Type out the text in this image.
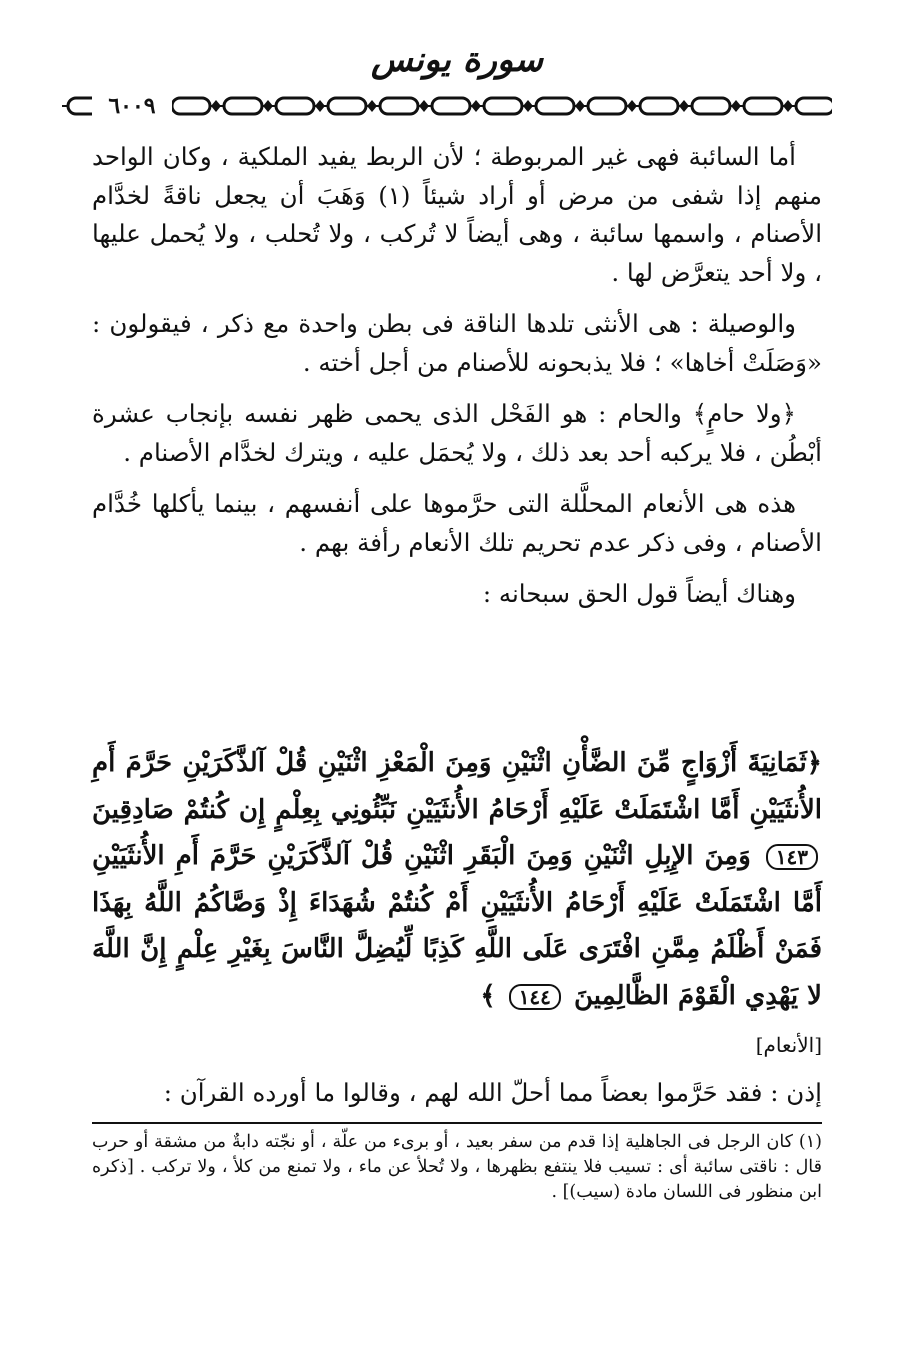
سورة يونس
٦٠٠٩

أما السائبة فهى غير المربوطة ؛ لأن الربط يفيد الملكية ، وكان الواحد منهم إذا شفى من مرض أو أراد شيئاً (١) وَهَبَ أن يجعل ناقةً لخدَّام الأصنام ، واسمها سائبة ، وهى أيضاً لا تُركب ، ولا تُحلب ، ولا يُحمل عليها ، ولا أحد يتعرَّض لها .

والوصيلة : هى الأنثى تلدها الناقة فى بطن واحدة مع ذكر ، فيقولون : «وَصَلَتْ أخاها» ؛ فلا يذبحونه للأصنام من أجل أخته .

﴿ولا حامٍ﴾ والحام : هو الفَحْل الذى يحمى ظهر نفسه بإنجاب عشرة أبْطُن ، فلا يركبه أحد بعد ذلك ، ولا يُحمَل عليه ، ويترك لخدَّام الأصنام .

هذه هى الأنعام المحلَّلة التى حرَّموها على أنفسهم ، بينما يأكلها خُدَّام الأصنام ، وفى ذكر عدم تحريم تلك الأنعام رأفة بهم .

وهناك أيضاً قول الحق سبحانه :

﴿ثَمَانِيَةَ أَزْوَاجٍ مِّنَ الضَّأْنِ اثْنَيْنِ وَمِنَ الْمَعْزِ اثْنَيْنِ قُلْ آلذَّكَرَيْنِ حَرَّمَ أَمِ الأُنثَيَيْنِ أَمَّا اشْتَمَلَتْ عَلَيْهِ أَرْحَامُ الأُنثَيَيْنِ نَبِّئُونِي بِعِلْمٍ إِن كُنتُمْ صَادِقِينَ ١٤٣ وَمِنَ الإِبِلِ اثْنَيْنِ وَمِنَ الْبَقَرِ اثْنَيْنِ قُلْ آلذَّكَرَيْنِ حَرَّمَ أَمِ الأُنثَيَيْنِ أَمَّا اشْتَمَلَتْ عَلَيْهِ أَرْحَامُ الأُنثَيَيْنِ أَمْ كُنتُمْ شُهَدَاءَ إِذْ وَصَّاكُمُ اللَّهُ بِهَذَا فَمَنْ أَظْلَمُ مِمَّنِ افْتَرَى عَلَى اللَّهِ كَذِبًا لِّيُضِلَّ النَّاسَ بِغَيْرِ عِلْمٍ إِنَّ اللَّهَ لا يَهْدِي الْقَوْمَ الظَّالِمِينَ ١٤٤ ﴾
[الأنعام]
إذن : فقد حَرَّموا بعضاً مما أحلّ الله لهم ، وقالوا ما أورده القرآن :

(١) كان الرجل فى الجاهلية إذا قدم من سفر بعيد ، أو برىء من علّة ، أو نجّته دابةٌ من مشقة أو حرب قال : ناقتى سائبة أى : تسيب فلا ينتفع بظهرها ، ولا تُحلأ عن ماء ، ولا تمنع من كلأ ، ولا تركب . [ذكره ابن منظور فى اللسان مادة (سيب)] .
